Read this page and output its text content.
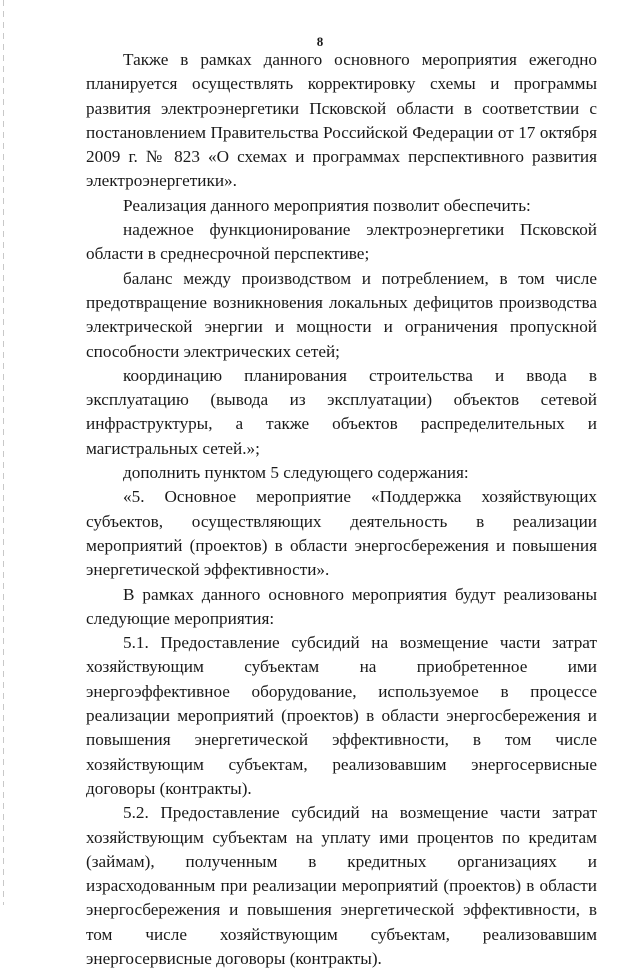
8

Также в рамках данного основного мероприятия ежегодно планируется осуществлять корректировку схемы и программы развития электроэнергетики Псковской области в соответствии с постановлением Правительства Российской Федерации от 17 октября 2009 г. № 823 «О схемах и программах перспективного развития электроэнергетики».

Реализация данного мероприятия позволит обеспечить:

надежное функционирование электроэнергетики Псковской области в среднесрочной перспективе;

баланс между производством и потреблением, в том числе предотвращение возникновения локальных дефицитов производства электрической энергии и мощности и ограничения пропускной способности электрических сетей;

координацию планирования строительства и ввода в эксплуатацию (вывода из эксплуатации) объектов сетевой инфраструктуры, а также объектов распределительных и магистральных сетей.»;

дополнить пунктом 5 следующего содержания:

«5. Основное мероприятие «Поддержка хозяйствующих субъектов, осуществляющих деятельность в реализации мероприятий (проектов) в области энергосбережения и повышения энергетической эффективности».

В рамках данного основного мероприятия будут реализованы следующие мероприятия:

5.1. Предоставление субсидий на возмещение части затрат хозяйствующим субъектам на приобретенное ими энергоэффективное оборудование, используемое в процессе реализации мероприятий (проектов) в области энергосбережения и повышения энергетической эффективности, в том числе хозяйствующим субъектам, реализовавшим энергосервисные договоры (контракты).

5.2. Предоставление субсидий на возмещение части затрат хозяйствующим субъектам на уплату ими процентов по кредитам (займам), полученным в кредитных организациях и израсходованным при реализации мероприятий (проектов) в области энергосбережения и повышения энергетической эффективности, в том числе хозяйствующим субъектам, реализовавшим энергосервисные договоры (контракты).
